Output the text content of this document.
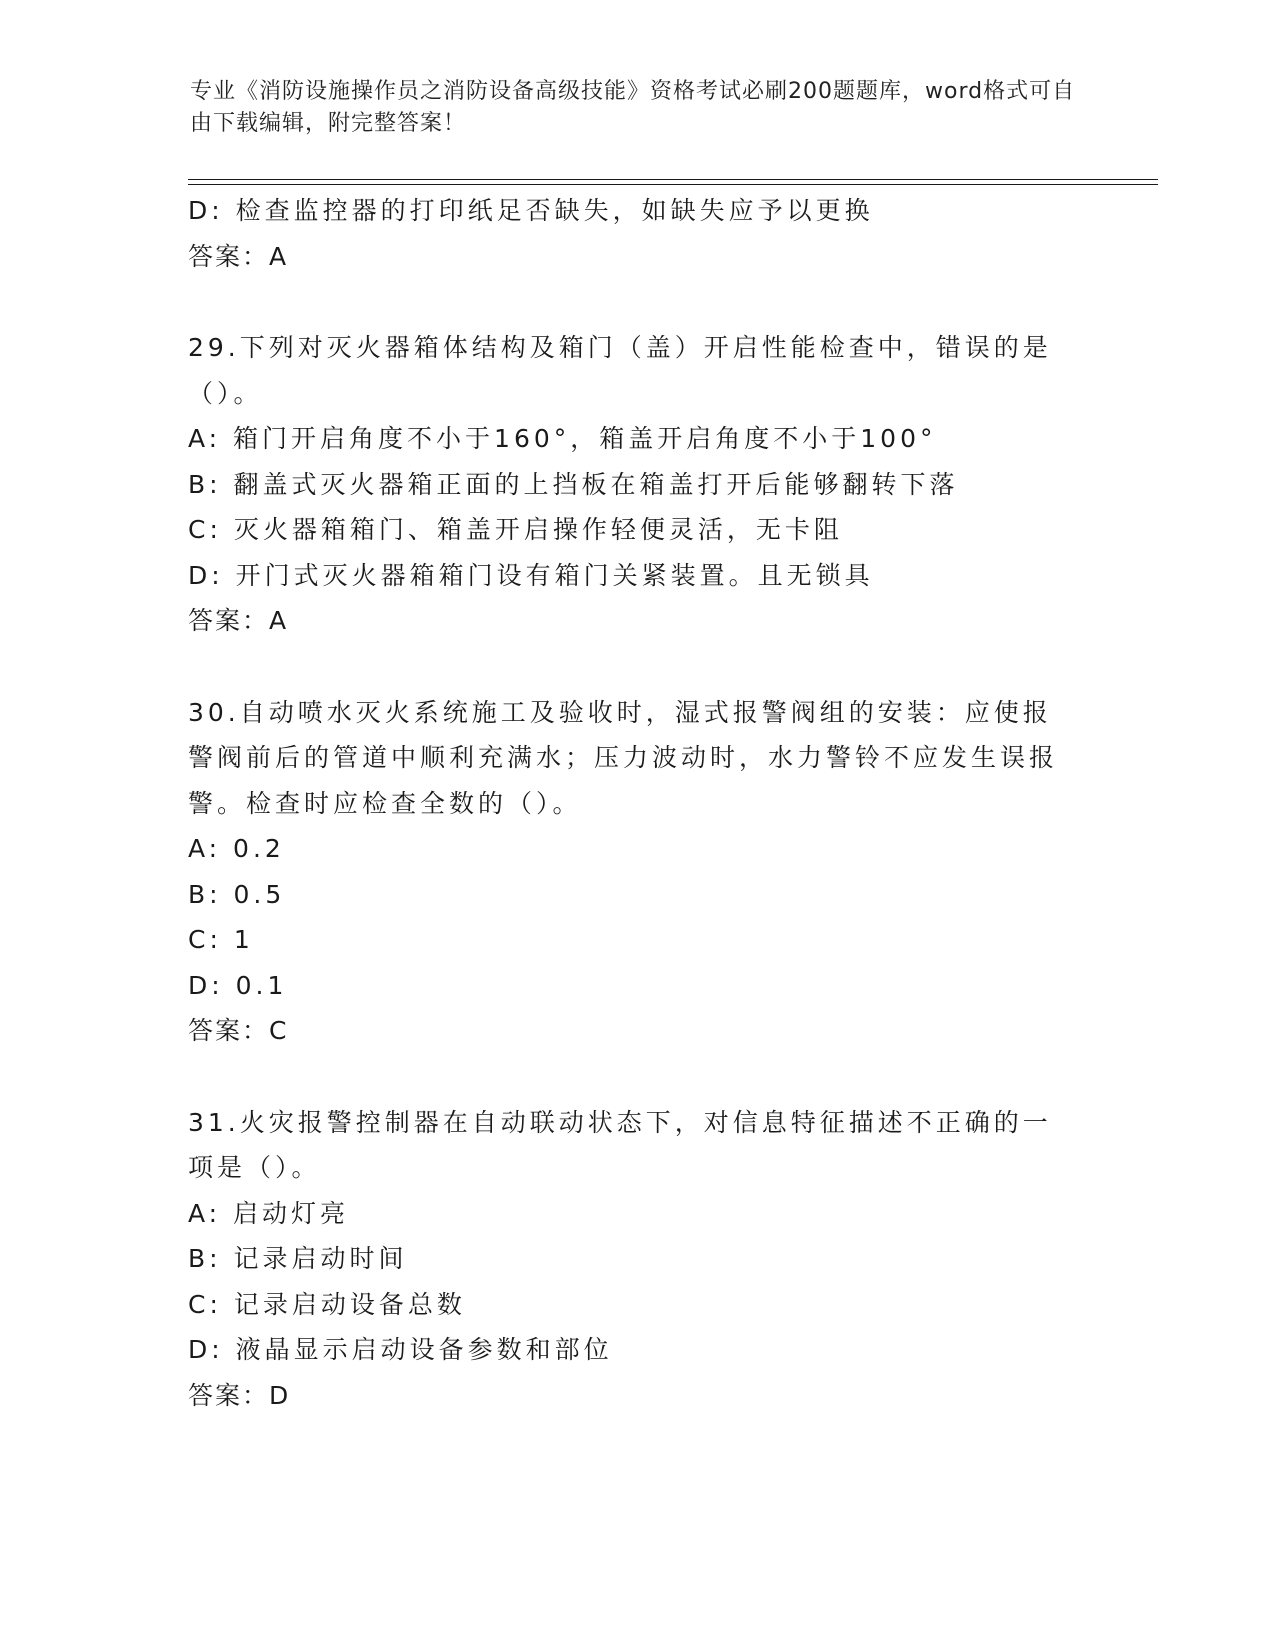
专业《消防设施操作员之消防设备高级技能》资格考试必刷200题题库，word格式可自由下载编辑，附完整答案！
D: 检查监控器的打印纸足否缺失，如缺失应予以更换
答案：A
29.下列对灭火器箱体结构及箱门（盖）开启性能检查中，错误的是（）。
A: 箱门开启角度不小于160°，箱盖开启角度不小于100°
B: 翻盖式灭火器箱正面的上挡板在箱盖打开后能够翻转下落
C: 灭火器箱箱门、箱盖开启操作轻便灵活，无卡阻
D: 开门式灭火器箱箱门设有箱门关紧装置。且无锁具
答案：A
30.自动喷水灭火系统施工及验收时，湿式报警阀组的安装：应使报警阀前后的管道中顺利充满水；压力波动时，水力警铃不应发生误报警。检查时应检查全数的（）。
A: 0.2
B: 0.5
C: 1
D: 0.1
答案：C
31.火灾报警控制器在自动联动状态下，对信息特征描述不正确的一项是（）。
A: 启动灯亮
B: 记录启动时间
C: 记录启动设备总数
D: 液晶显示启动设备参数和部位
答案：D
